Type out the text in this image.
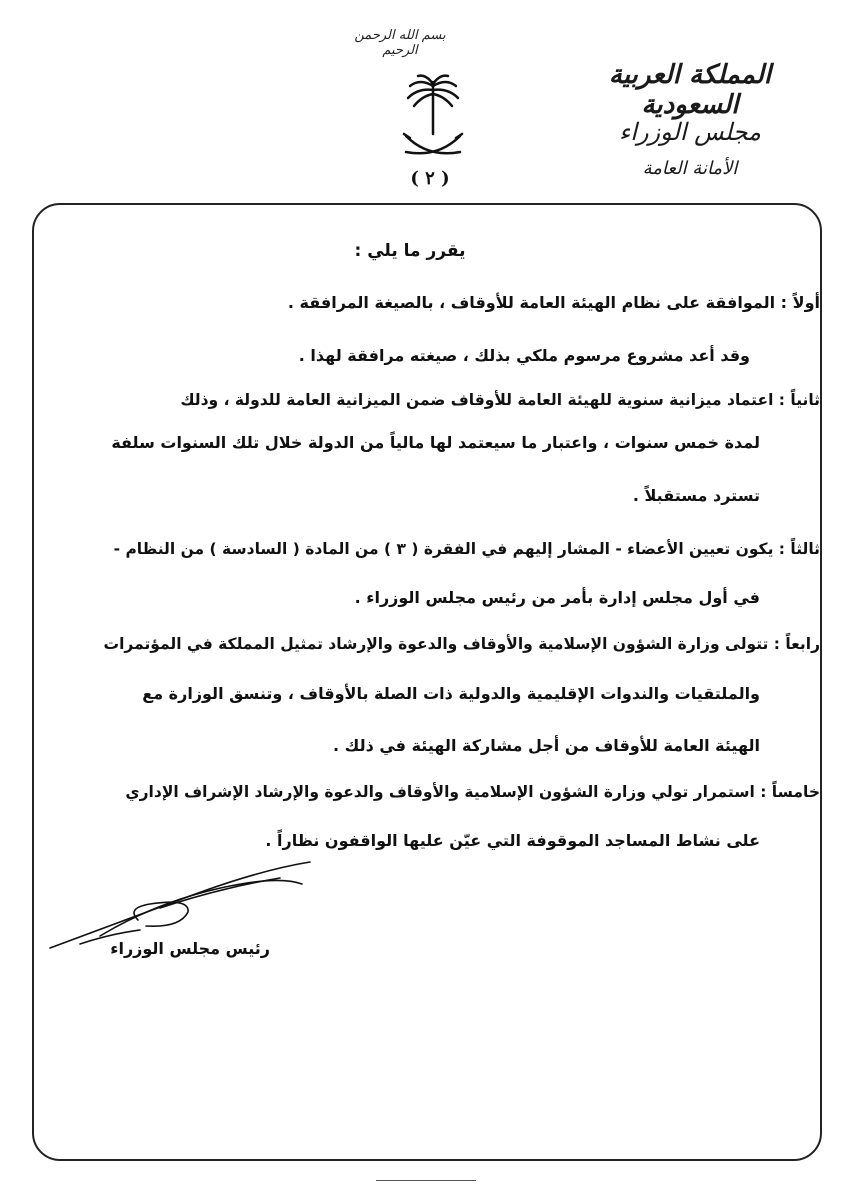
بسم الله الرحمن الرحيم
المملكة العربية السعودية
مجلس الوزراء
الأمانة العامة
( ٢ )
يقرر ما يلي :
أولاً : الموافقة على نظام الهيئة العامة للأوقاف ، بالصيغة المرافقة .
وقد أعد مشروع مرسوم ملكي بذلك ، صيغته مرافقة لهذا .
ثانياً : اعتماد ميزانية سنوية للهيئة العامة للأوقاف ضمن الميزانية العامة للدولة ، وذلك
لمدة خمس سنوات ، واعتبار ما سيعتمد لها مالياً من الدولة خلال تلك السنوات سلفة
تسترد مستقبلاً .
ثالثاً : يكون تعيين الأعضاء - المشار إليهم في الفقرة ( ٣ ) من المادة ( السادسة ) من النظام -
في أول مجلس إدارة بأمر من رئيس مجلس الوزراء .
رابعاً : تتولى وزارة الشؤون الإسلامية والأوقاف والدعوة والإرشاد تمثيل المملكة في المؤتمرات
والملتقيات والندوات الإقليمية والدولية ذات الصلة بالأوقاف ، وتنسق الوزارة مع
الهيئة العامة للأوقاف من أجل مشاركة الهيئة في ذلك .
خامساً : استمرار تولي وزارة الشؤون الإسلامية والأوقاف والدعوة والإرشاد الإشراف الإداري
على نشاط المساجد الموقوفة التي عيّن عليها الواقفون نظاراً .
رئيس مجلس الوزراء
